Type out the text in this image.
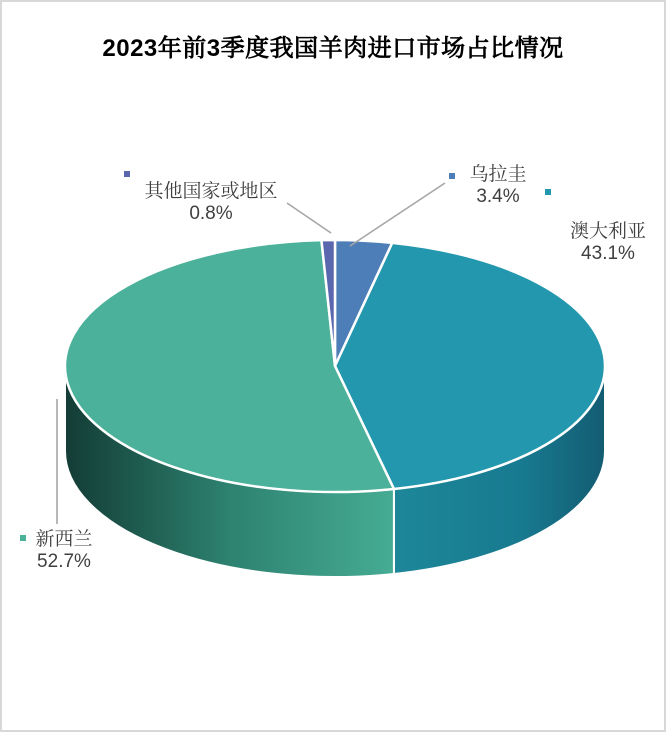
2023年前3季度我国羊肉进口市场占比情况
乌拉圭
3.4%
澳大利亚
43.1%
新西兰
52.7%
其他国家或地区
0.8%
